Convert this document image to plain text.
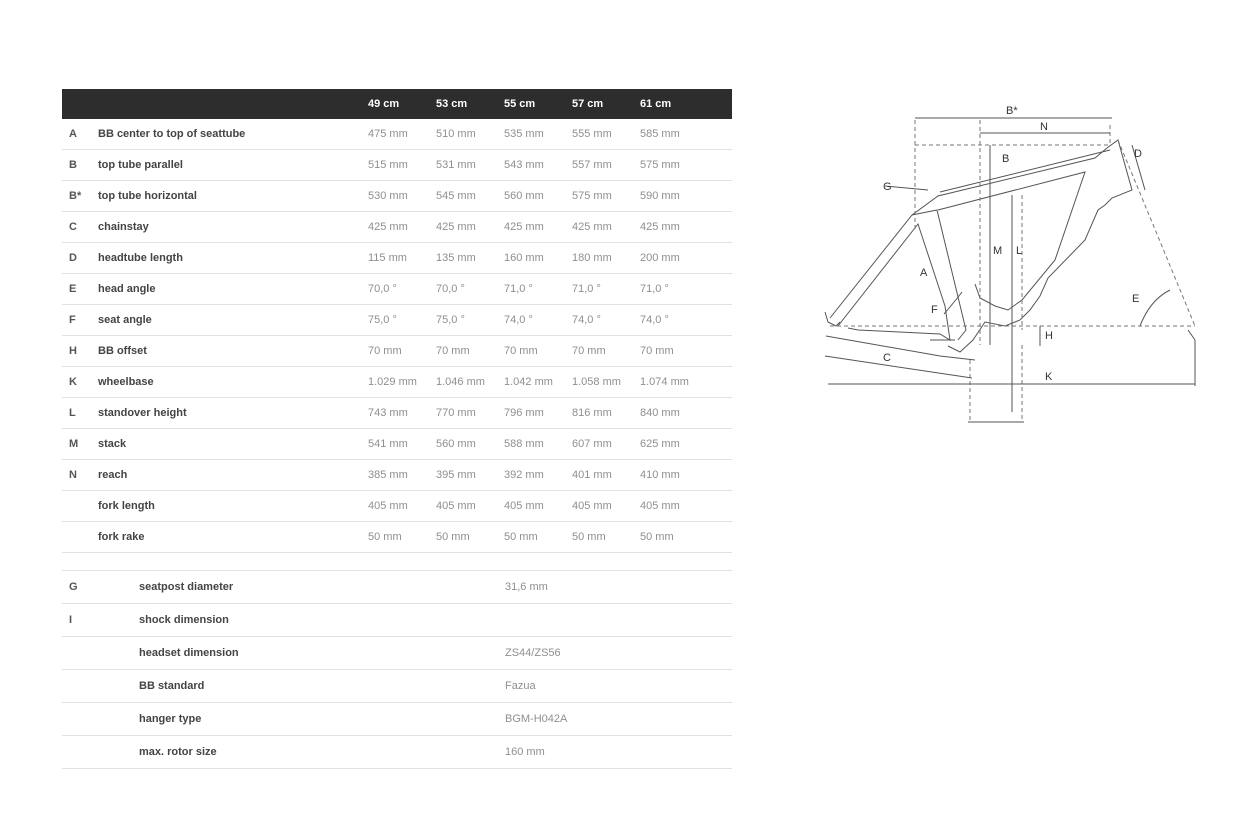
		49 cm	53 cm	55 cm	57 cm	61 cm
A	BB center to top of seattube	475 mm	510 mm	535 mm	555 mm	585 mm
B	top tube parallel	515 mm	531 mm	543 mm	557 mm	575 mm
B*	top tube horizontal	530 mm	545 mm	560 mm	575 mm	590 mm
C	chainstay	425 mm	425 mm	425 mm	425 mm	425 mm
D	headtube length	115 mm	135 mm	160 mm	180 mm	200 mm
E	head angle	70,0 °	70,0 °	71,0 °	71,0 °	71,0 °
F	seat angle	75,0 °	75,0 °	74,0 °	74,0 °	74,0 °
H	BB offset	70 mm	70 mm	70 mm	70 mm	70 mm
K	wheelbase	1.029 mm	1.046 mm	1.042 mm	1.058 mm	1.074 mm
L	standover height	743 mm	770 mm	796 mm	816 mm	840 mm
M	stack	541 mm	560 mm	588 mm	607 mm	625 mm
N	reach	385 mm	395 mm	392 mm	401 mm	410 mm
	fork length	405 mm	405 mm	405 mm	405 mm	405 mm
	fork rake	50 mm	50 mm	50 mm	50 mm	50 mm
G	seatpost diameter	31,6 mm
I	shock dimension	
	headset dimension	ZS44/ZS56
	BB standard	Fazua
	hanger type	BGM-H042A
	max. rotor size	160 mm
B*
N
B	D
G
M L
A
E
F
H
C
K
